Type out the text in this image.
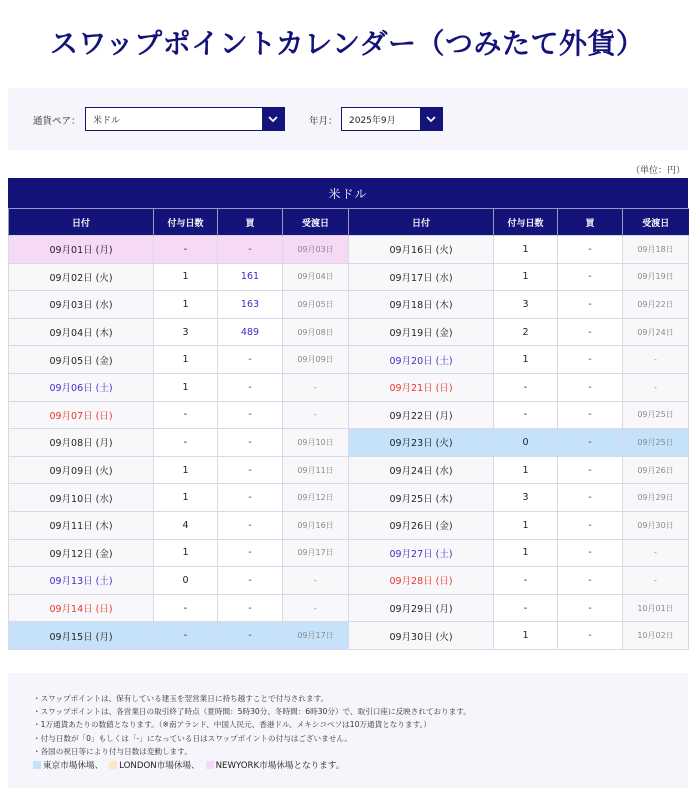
スワップポイントカレンダー（つみたて外貨）
通貨ペア：	米ドル	年月：	2025年9月
（単位：円）
米ドル
日付	付与日数	買	受渡日	日付	付与日数	買	受渡日
09月01日 (月)	-	-	09月03日	09月16日 (火)	1	-	09月18日
09月02日 (火)	1	161	09月04日	09月17日 (水)	1	-	09月19日
09月03日 (水)	1	163	09月05日	09月18日 (木)	3	-	09月22日
09月04日 (木)	3	489	09月08日	09月19日 (金)	2	-	09月24日
09月05日 (金)	1	-	09月09日	09月20日 (土)	1	-	-
09月06日 (土)	1	-	-	09月21日 (日)	-	-	-
09月07日 (日)	-	-	-	09月22日 (月)	-	-	09月25日
09月08日 (月)	-	-	09月10日	09月23日 (火)	0	-	09月25日
09月09日 (火)	1	-	09月11日	09月24日 (水)	1	-	09月26日
09月10日 (水)	1	-	09月12日	09月25日 (木)	3	-	09月29日
09月11日 (木)	4	-	09月16日	09月26日 (金)	1	-	09月30日
09月12日 (金)	1	-	09月17日	09月27日 (土)	1	-	-
09月13日 (土)	0	-	-	09月28日 (日)	-	-	-
09月14日 (日)	-	-	-	09月29日 (月)	-	-	10月01日
09月15日 (月)	-	-	09月17日	09月30日 (火)	1	-	10月02日
・スワップポイントは、保有している建玉を翌営業日に持ち越すことで付与されます。
・スワップポイントは、各営業日の取引終了時点（夏時間：5時30分、冬時間：6時30分）で、取引口座に反映されております。
・1万通貨あたりの数値となります。（※南アランド、中国人民元、香港ドル、メキシコペソは10万通貨となります。）
・付与日数が「0」もしくは「-」になっている日はスワップポイントの付与はございません。
・各国の祝日等により付与日数は変動します。
東京市場休場、 LONDON市場休場、 NEWYORK市場休場となります。
